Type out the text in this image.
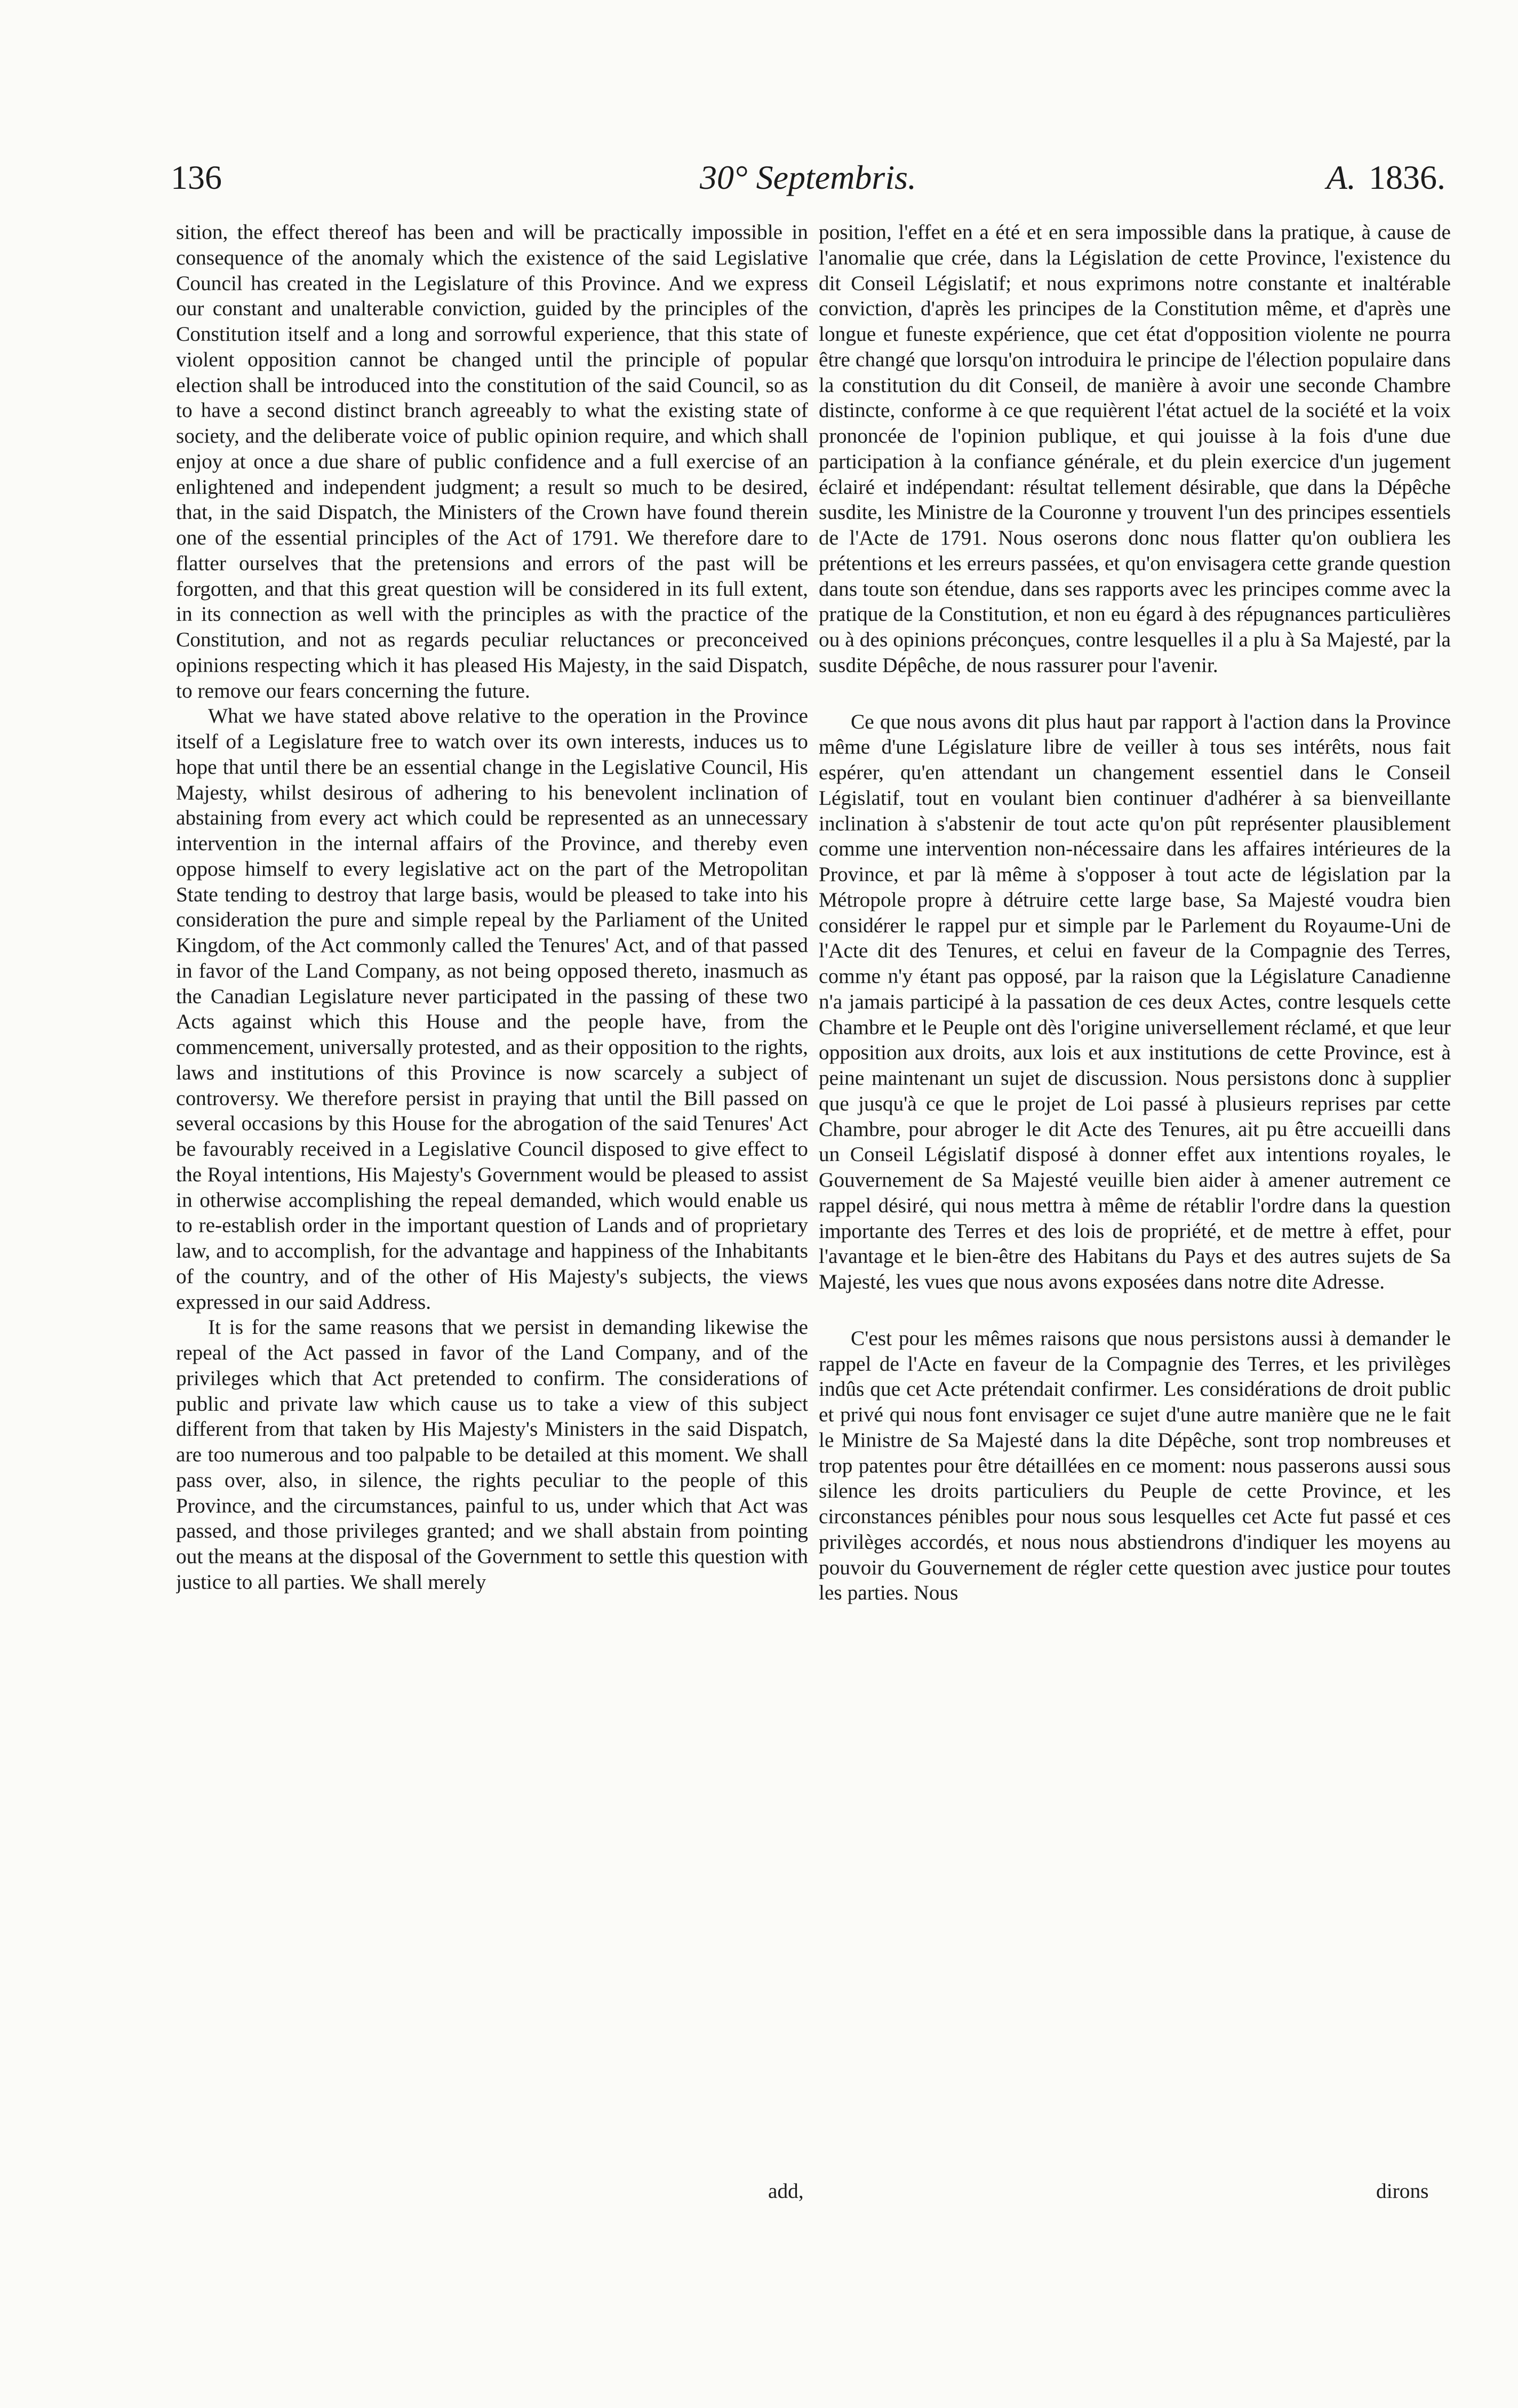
136	30° Septembris.	A. 1836.

sition, the effect thereof has been and will be practically impossible in consequence of the anomaly which the existence of the said Legislative Council has created in the Legislature of this Province. And we express our constant and unalterable conviction, guided by the principles of the Constitution itself and a long and sorrowful experience, that this state of violent opposition cannot be changed until the principle of popular election shall be introduced into the constitution of the said Council, so as to have a second distinct branch agreeably to what the existing state of society, and the deliberate voice of public opinion require, and which shall enjoy at once a due share of public confidence and a full exercise of an enlightened and independent judgment; a result so much to be desired, that, in the said Dispatch, the Ministers of the Crown have found therein one of the essential principles of the Act of 1791. We therefore dare to flatter ourselves that the pretensions and errors of the past will be forgotten, and that this great question will be considered in its full extent, in its connection as well with the principles as with the practice of the Constitution, and not as regards peculiar reluctances or preconceived opinions respecting which it has pleased His Majesty, in the said Dispatch, to remove our fears concerning the future.

What we have stated above relative to the operation in the Province itself of a Legislature free to watch over its own interests, induces us to hope that until there be an essential change in the Legislative Council, His Majesty, whilst desirous of adhering to his benevolent inclination of abstaining from every act which could be represented as an unnecessary intervention in the internal affairs of the Province, and thereby even oppose himself to every legislative act on the part of the Metropolitan State tending to destroy that large basis, would be pleased to take into his consideration the pure and simple repeal by the Parliament of the United Kingdom, of the Act commonly called the Tenures' Act, and of that passed in favor of the Land Company, as not being opposed thereto, inasmuch as the Canadian Legislature never participated in the passing of these two Acts against which this House and the people have, from the commencement, universally protested, and as their opposition to the rights, laws and institutions of this Province is now scarcely a subject of controversy. We therefore persist in praying that until the Bill passed on several occasions by this House for the abrogation of the said Tenures' Act be favourably received in a Legislative Council disposed to give effect to the Royal intentions, His Majesty's Government would be pleased to assist in otherwise accomplishing the repeal demanded, which would enable us to re-establish order in the important question of Lands and of proprietary law, and to accomplish, for the advantage and happiness of the Inhabitants of the country, and of the other of His Majesty's subjects, the views expressed in our said Address.

It is for the same reasons that we persist in demanding likewise the repeal of the Act passed in favor of the Land Company, and of the privileges which that Act pretended to confirm. The considerations of public and private law which cause us to take a view of this subject different from that taken by His Majesty's Ministers in the said Dispatch, are too numerous and too palpable to be detailed at this moment. We shall pass over, also, in silence, the rights peculiar to the people of this Province, and the circumstances, painful to us, under which that Act was passed, and those privileges granted; and we shall abstain from pointing out the means at the disposal of the Government to settle this question with justice to all parties. We shall merely

position, l'effet en a été et en sera impossible dans la pratique, à cause de l'anomalie que crée, dans la Législation de cette Province, l'existence du dit Conseil Législatif; et nous exprimons notre constante et inaltérable conviction, d'après les principes de la Constitution même, et d'après une longue et funeste expérience, que cet état d'opposition violente ne pourra être changé que lorsqu'on introduira le principe de l'élection populaire dans la constitution du dit Conseil, de manière à avoir une seconde Chambre distincte, conforme à ce que requièrent l'état actuel de la société et la voix prononcée de l'opinion publique, et qui jouisse à la fois d'une due participation à la confiance générale, et du plein exercice d'un jugement éclairé et indépendant: résultat tellement désirable, que dans la Dépêche susdite, les Ministre de la Couronne y trouvent l'un des principes essentiels de l'Acte de 1791. Nous oserons donc nous flatter qu'on oubliera les prétentions et les erreurs passées, et qu'on envisagera cette grande question dans toute son étendue, dans ses rapports avec les principes comme avec la pratique de la Constitution, et non eu égard à des répugnances particulières ou à des opinions préconçues, contre lesquelles il a plu à Sa Majesté, par la susdite Dépêche, de nous rassurer pour l'avenir.

Ce que nous avons dit plus haut par rapport à l'action dans la Province même d'une Législature libre de veiller à tous ses intérêts, nous fait espérer, qu'en attendant un changement essentiel dans le Conseil Législatif, tout en voulant bien continuer d'adhérer à sa bienveillante inclination à s'abstenir de tout acte qu'on pût représenter plausiblement comme une intervention non-nécessaire dans les affaires intérieures de la Province, et par là même à s'opposer à tout acte de législation par la Métropole propre à détruire cette large base, Sa Majesté voudra bien considérer le rappel pur et simple par le Parlement du Royaume-Uni de l'Acte dit des Tenures, et celui en faveur de la Compagnie des Terres, comme n'y étant pas opposé, par la raison que la Législature Canadienne n'a jamais participé à la passation de ces deux Actes, contre lesquels cette Chambre et le Peuple ont dès l'origine universellement réclamé, et que leur opposition aux droits, aux lois et aux institutions de cette Province, est à peine maintenant un sujet de discussion. Nous persistons donc à supplier que jusqu'à ce que le projet de Loi passé à plusieurs reprises par cette Chambre, pour abroger le dit Acte des Tenures, ait pu être accueilli dans un Conseil Législatif disposé à donner effet aux intentions royales, le Gouvernement de Sa Majesté veuille bien aider à amener autrement ce rappel désiré, qui nous mettra à même de rétablir l'ordre dans la question importante des Terres et des lois de propriété, et de mettre à effet, pour l'avantage et le bien-être des Habitans du Pays et des autres sujets de Sa Majesté, les vues que nous avons exposées dans notre dite Adresse.

C'est pour les mêmes raisons que nous persistons aussi à demander le rappel de l'Acte en faveur de la Compagnie des Terres, et les privilèges indûs que cet Acte prétendait confirmer. Les considérations de droit public et privé qui nous font envisager ce sujet d'une autre manière que ne le fait le Ministre de Sa Majesté dans la dite Dépêche, sont trop nombreuses et trop patentes pour être détaillées en ce moment: nous passerons aussi sous silence les droits particuliers du Peuple de cette Province, et les circonstances pénibles pour nous sous lesquelles cet Acte fut passé et ces privilèges accordés, et nous nous abstiendrons d'indiquer les moyens au pouvoir du Gouvernement de régler cette question avec justice pour toutes les parties. Nous

add,	dirons
